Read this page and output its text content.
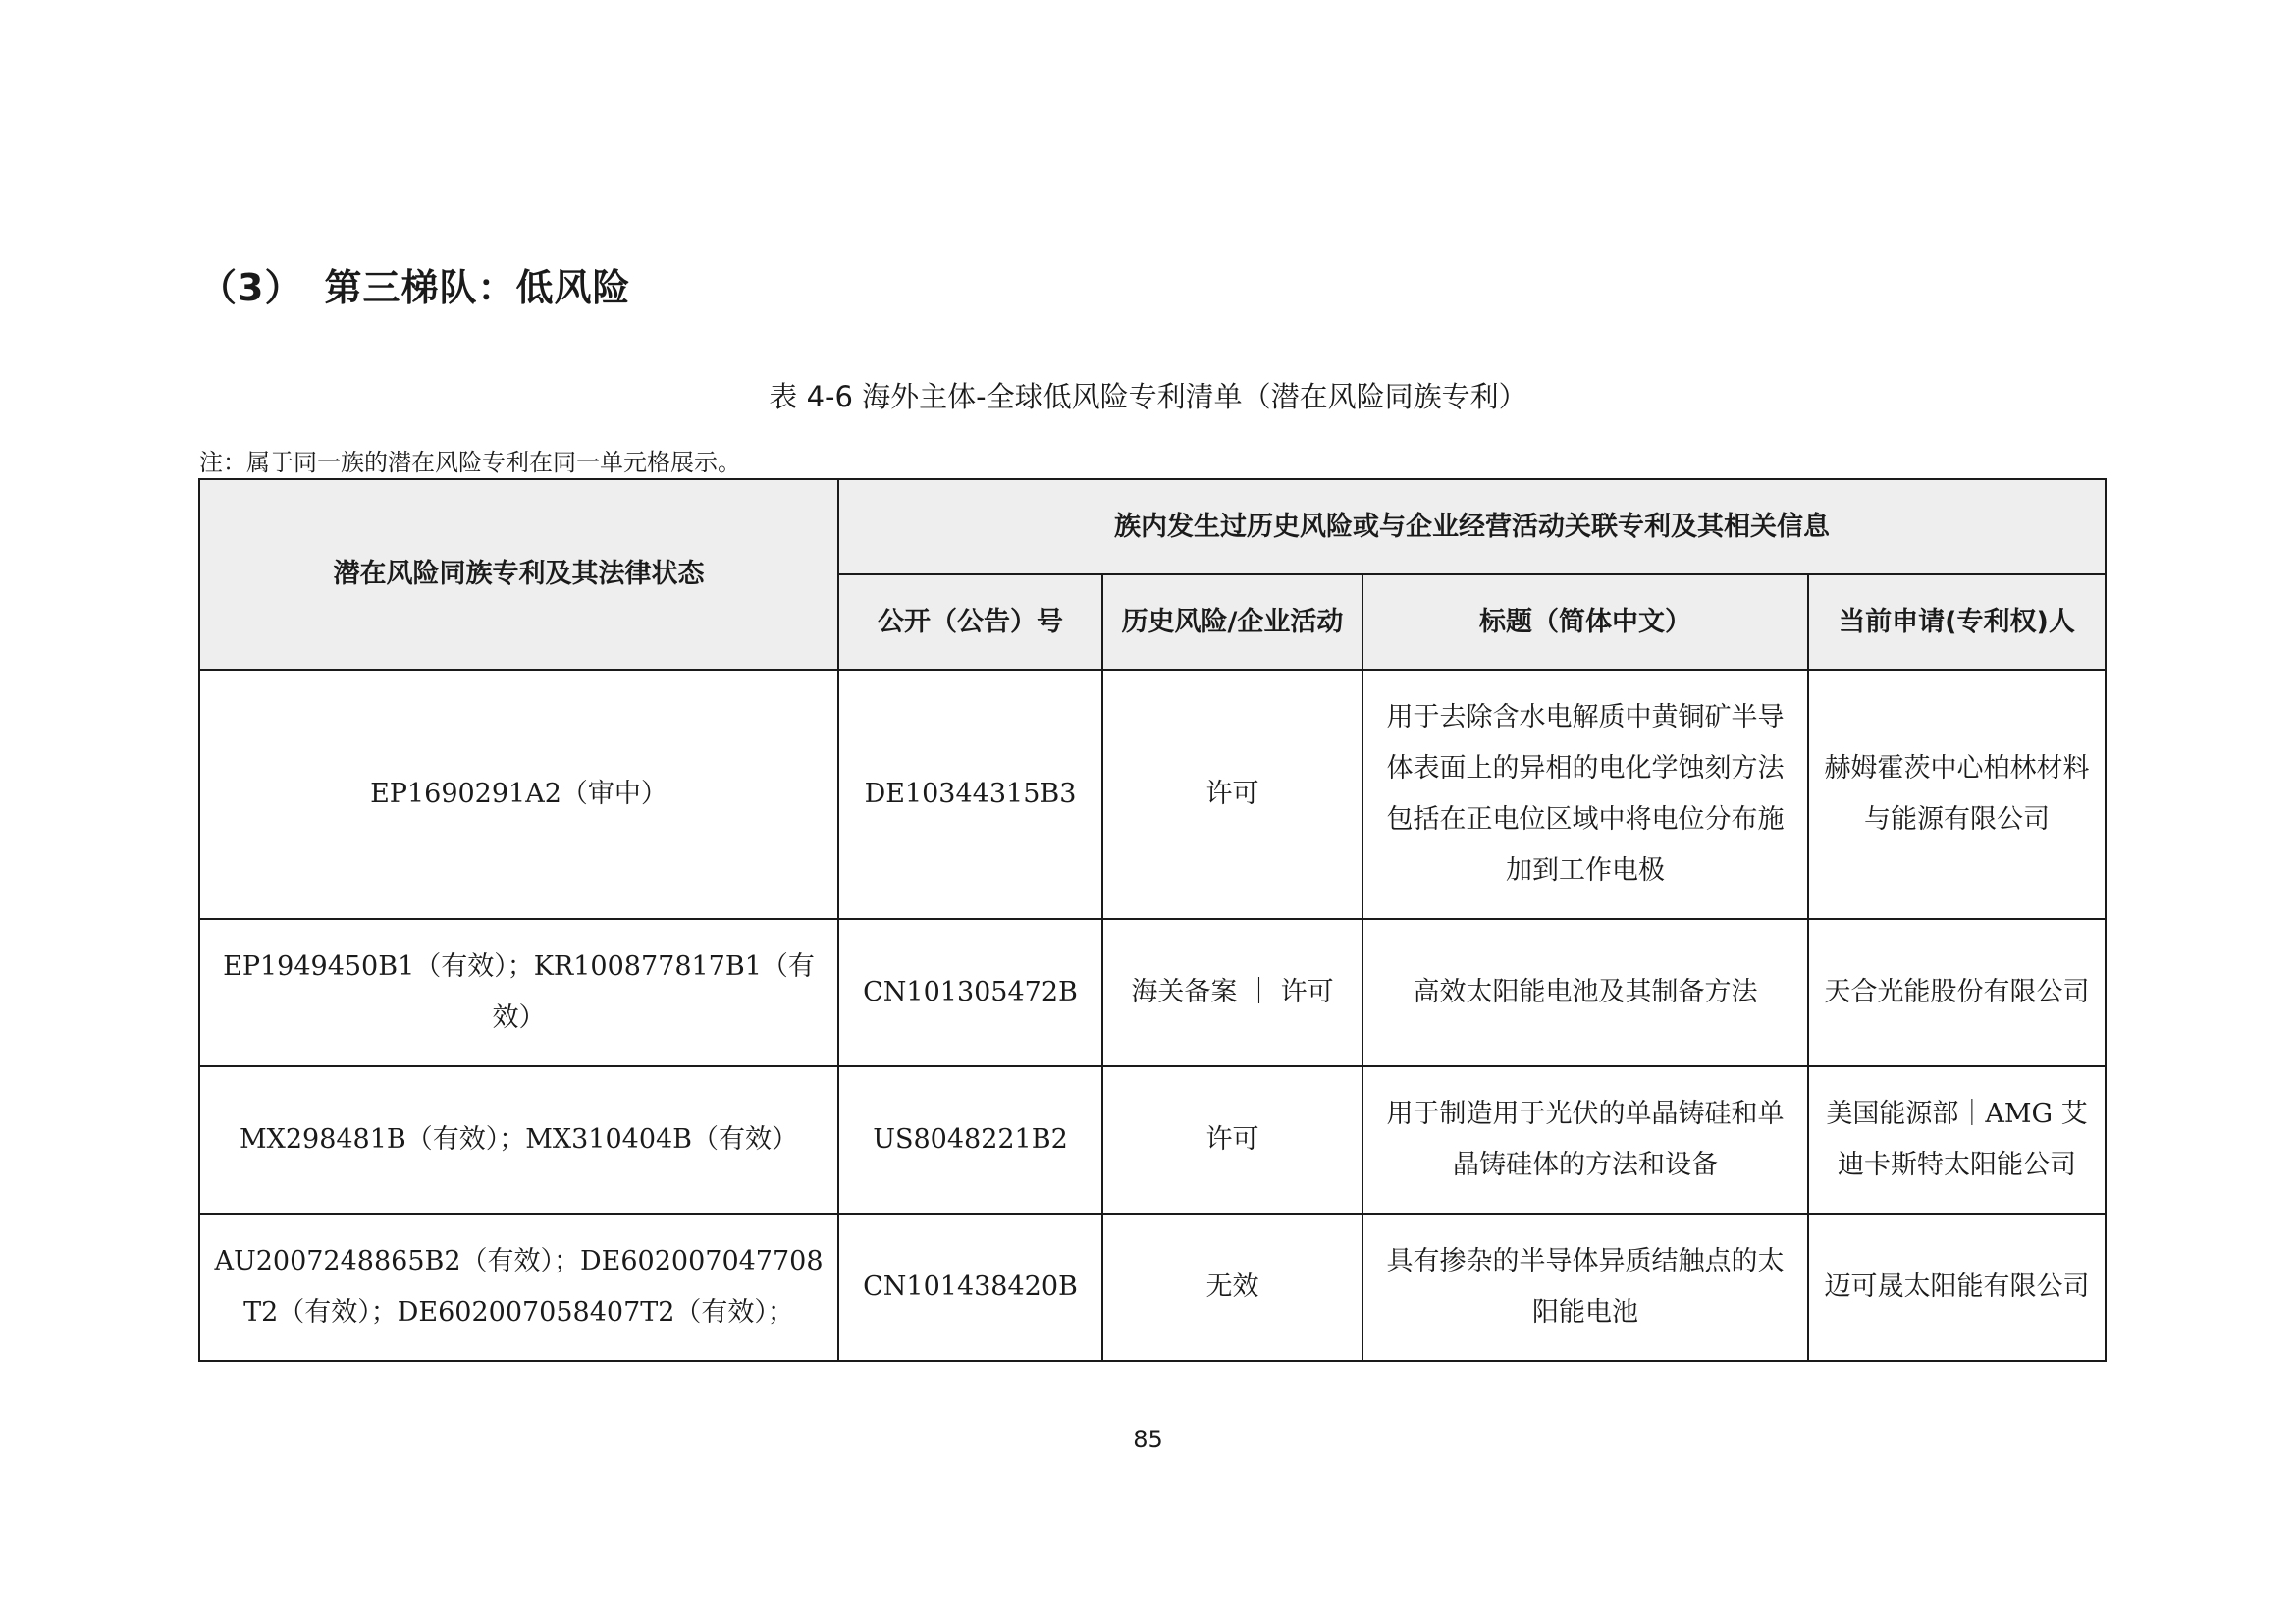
（3） 第三梯队：低风险
表 4-6 海外主体-全球低风险专利清单（潜在风险同族专利）
注：属于同一族的潜在风险专利在同一单元格展示。
潜在风险同族专利及其法律状态	族内发生过历史风险或与企业经营活动关联专利及其相关信息			
	公开（公告）号	历史风险/企业活动	标题（简体中文）	当前申请(专利权)人
EP1690291A2（审中）	DE10344315B3	许可	用于去除含水电解质中黄铜矿半导体表面上的异相的电化学蚀刻方法包括在正电位区域中将电位分布施加到工作电极	赫姆霍茨中心柏林材料与能源有限公司
EP1949450B1（有效）；KR100877817B1（有效）	CN101305472B	海关备案 ｜ 许可	高效太阳能电池及其制备方法	天合光能股份有限公司
MX298481B（有效）；MX310404B（有效）	US8048221B2	许可	用于制造用于光伏的单晶铸硅和单晶铸硅体的方法和设备	美国能源部｜AMG 艾迪卡斯特太阳能公司
AU2007248865B2（有效）；DE602007047708T2（有效）；DE602007058407T2（有效）；	CN101438420B	无效	具有掺杂的半导体异质结触点的太阳能电池	迈可晟太阳能有限公司
85
